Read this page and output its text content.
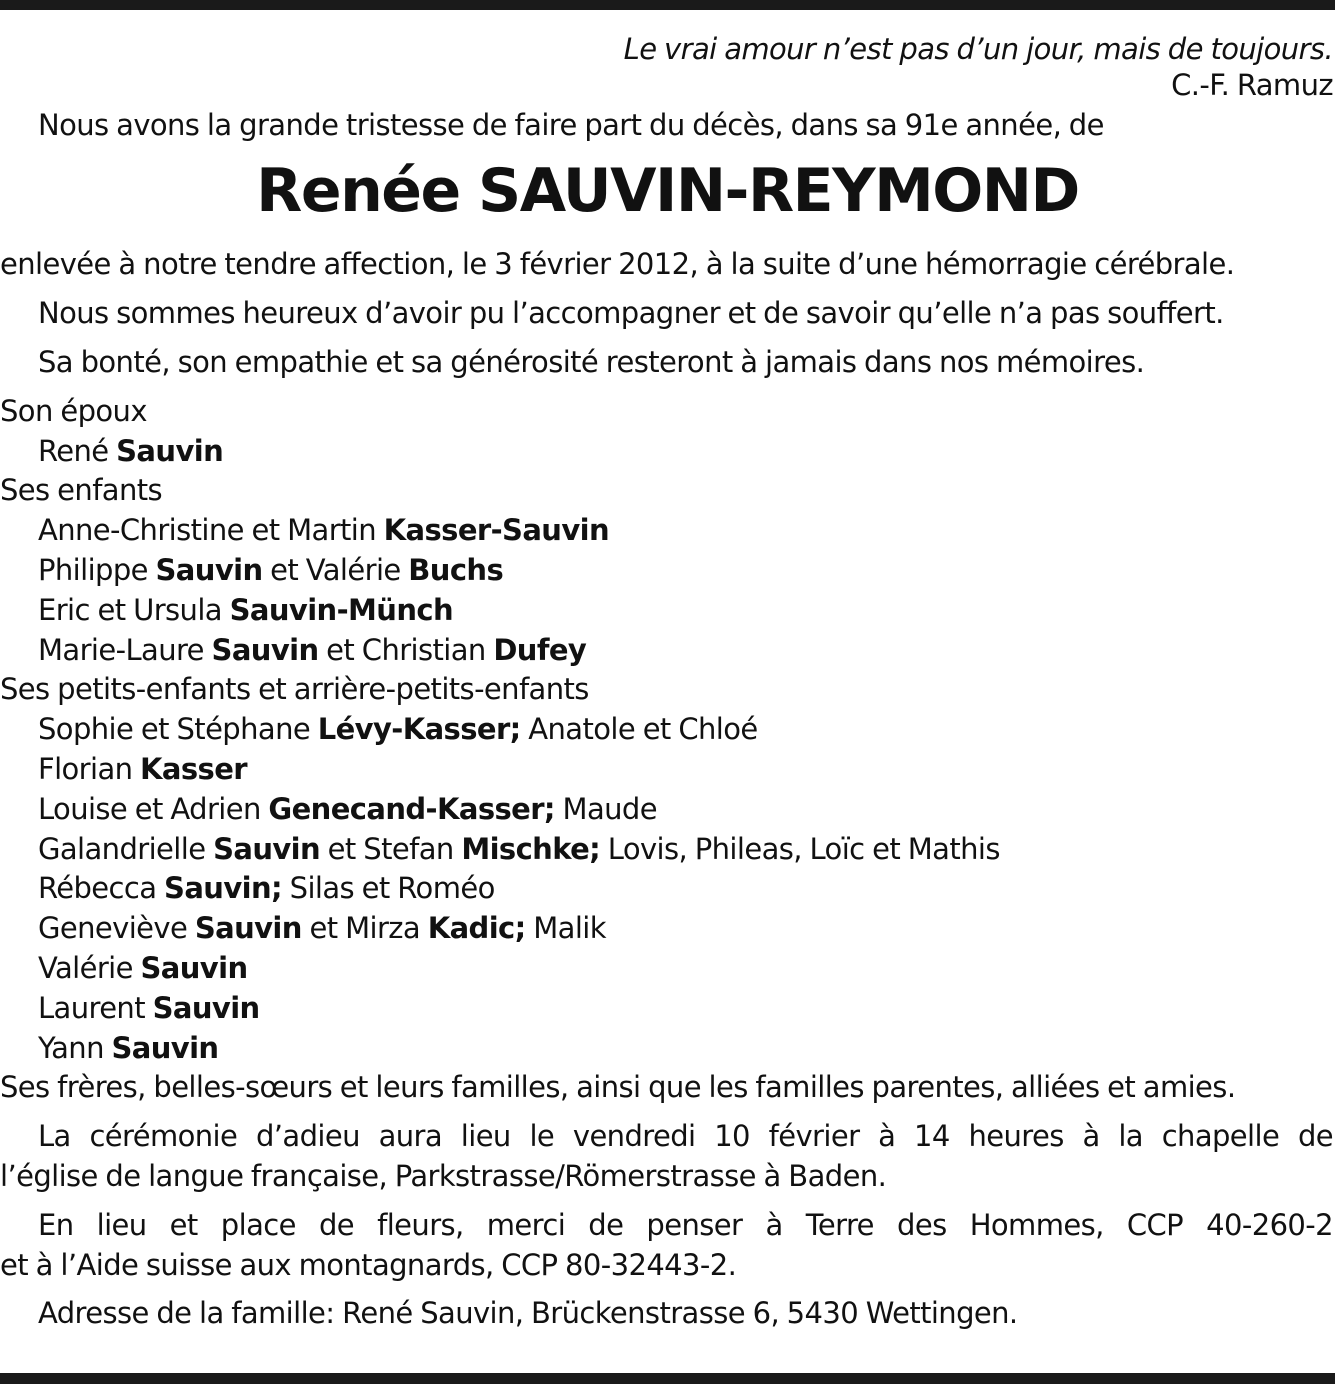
Le vrai amour n’est pas d’un jour, mais de toujours.
C.-F. Ramuz
Nous avons la grande tristesse de faire part du décès, dans sa 91e année, de
Renée SAUVIN-REYMOND
enlevée à notre tendre affection, le 3 février 2012, à la suite d’une hémorragie cérébrale.
Nous sommes heureux d’avoir pu l’accompagner et de savoir qu’elle n’a pas souffert.
Sa bonté, son empathie et sa générosité resteront à jamais dans nos mémoires.
Son époux
René Sauvin
Ses enfants
Anne-Christine et Martin Kasser-Sauvin
Philippe Sauvin et Valérie Buchs
Eric et Ursula Sauvin-Münch
Marie-Laure Sauvin et Christian Dufey
Ses petits-enfants et arrière-petits-enfants
Sophie et Stéphane Lévy-Kasser; Anatole et Chloé
Florian Kasser
Louise et Adrien Genecand-Kasser; Maude
Galandrielle Sauvin et Stefan Mischke; Lovis, Phileas, Loïc et Mathis
Rébecca Sauvin; Silas et Roméo
Geneviève Sauvin et Mirza Kadic; Malik
Valérie Sauvin
Laurent Sauvin
Yann Sauvin
Ses frères, belles-sœurs et leurs familles, ainsi que les familles parentes, alliées et amies.
La cérémonie d’adieu aura lieu le vendredi 10 février à 14 heures à la chapelle de
l’église de langue française, Parkstrasse/Römerstrasse à Baden.
En lieu et place de fleurs, merci de penser à Terre des Hommes, CCP 40-260-2
et à l’Aide suisse aux montagnards, CCP 80-32443-2.
Adresse de la famille: René Sauvin, Brückenstrasse 6, 5430 Wettingen.
